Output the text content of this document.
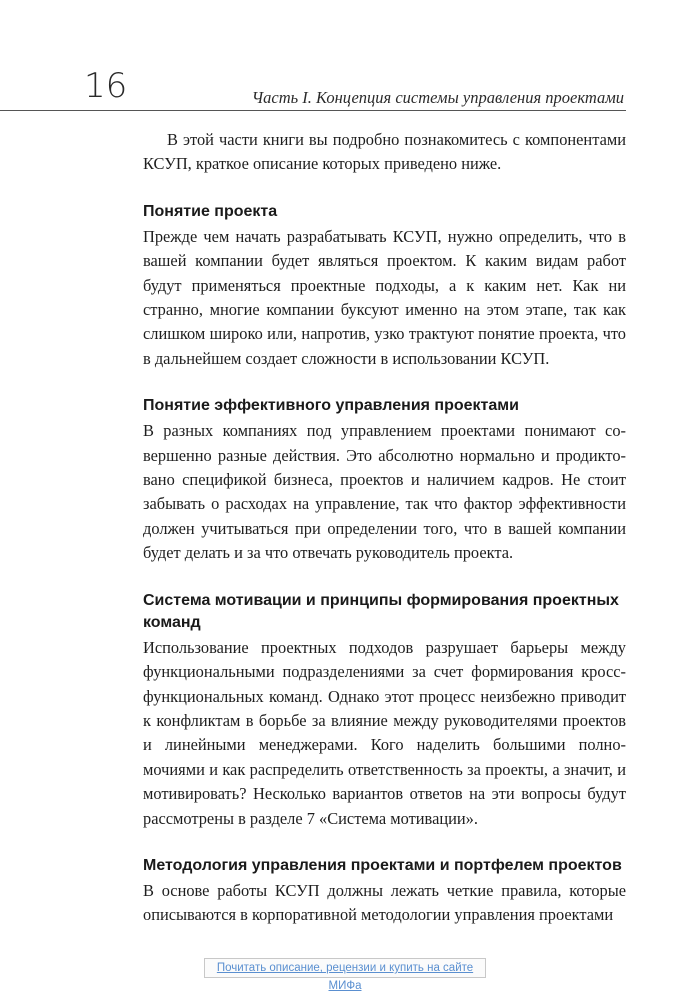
16	Часть I. Концепция системы управления проектами

В этой части книги вы подробно познакомитесь с компонентами КСУП, краткое описание которых приведено ниже.

Понятие проекта

Прежде чем начать разрабатывать КСУП, нужно определить, что в вашей компании будет являться проектом. К каким видам работ будут применяться проектные подходы, а к каким нет. Как ни странно, многие компании буксуют именно на этом этапе, так как слишком широко или, напротив, узко трактуют понятие проекта, что в дальнейшем создает сложности в использовании КСУП.

Понятие эффективного управления проектами

В разных компаниях под управлением проектами понимают совершенно разные действия. Это абсолютно нормально и продиктовано спецификой бизнеса, проектов и наличием кадров. Не стоит забывать о расходах на управление, так что фактор эффективности должен учитываться при определении того, что в вашей компании будет делать и за что отвечать руководитель проекта.

Система мотивации и принципы формирования проектных команд

Использование проектных подходов разрушает барьеры между функциональными подразделениями за счет формирования кросс-функциональных команд. Однако этот процесс неизбежно приводит к конфликтам в борьбе за влияние между руководителями проектов и линейными менеджерами. Кого наделить большими полномочиями и как распределить ответственность за проекты, а значит, и мотивировать? Несколько вариантов ответов на эти вопросы будут рассмотрены в разделе 7 «Система мотивации».

Методология управления проектами и портфелем проектов

В основе работы КСУП должны лежать четкие правила, которые описываются в корпоративной методологии управления проектами

Почитать описание, рецензии и купить на сайте МИФа
